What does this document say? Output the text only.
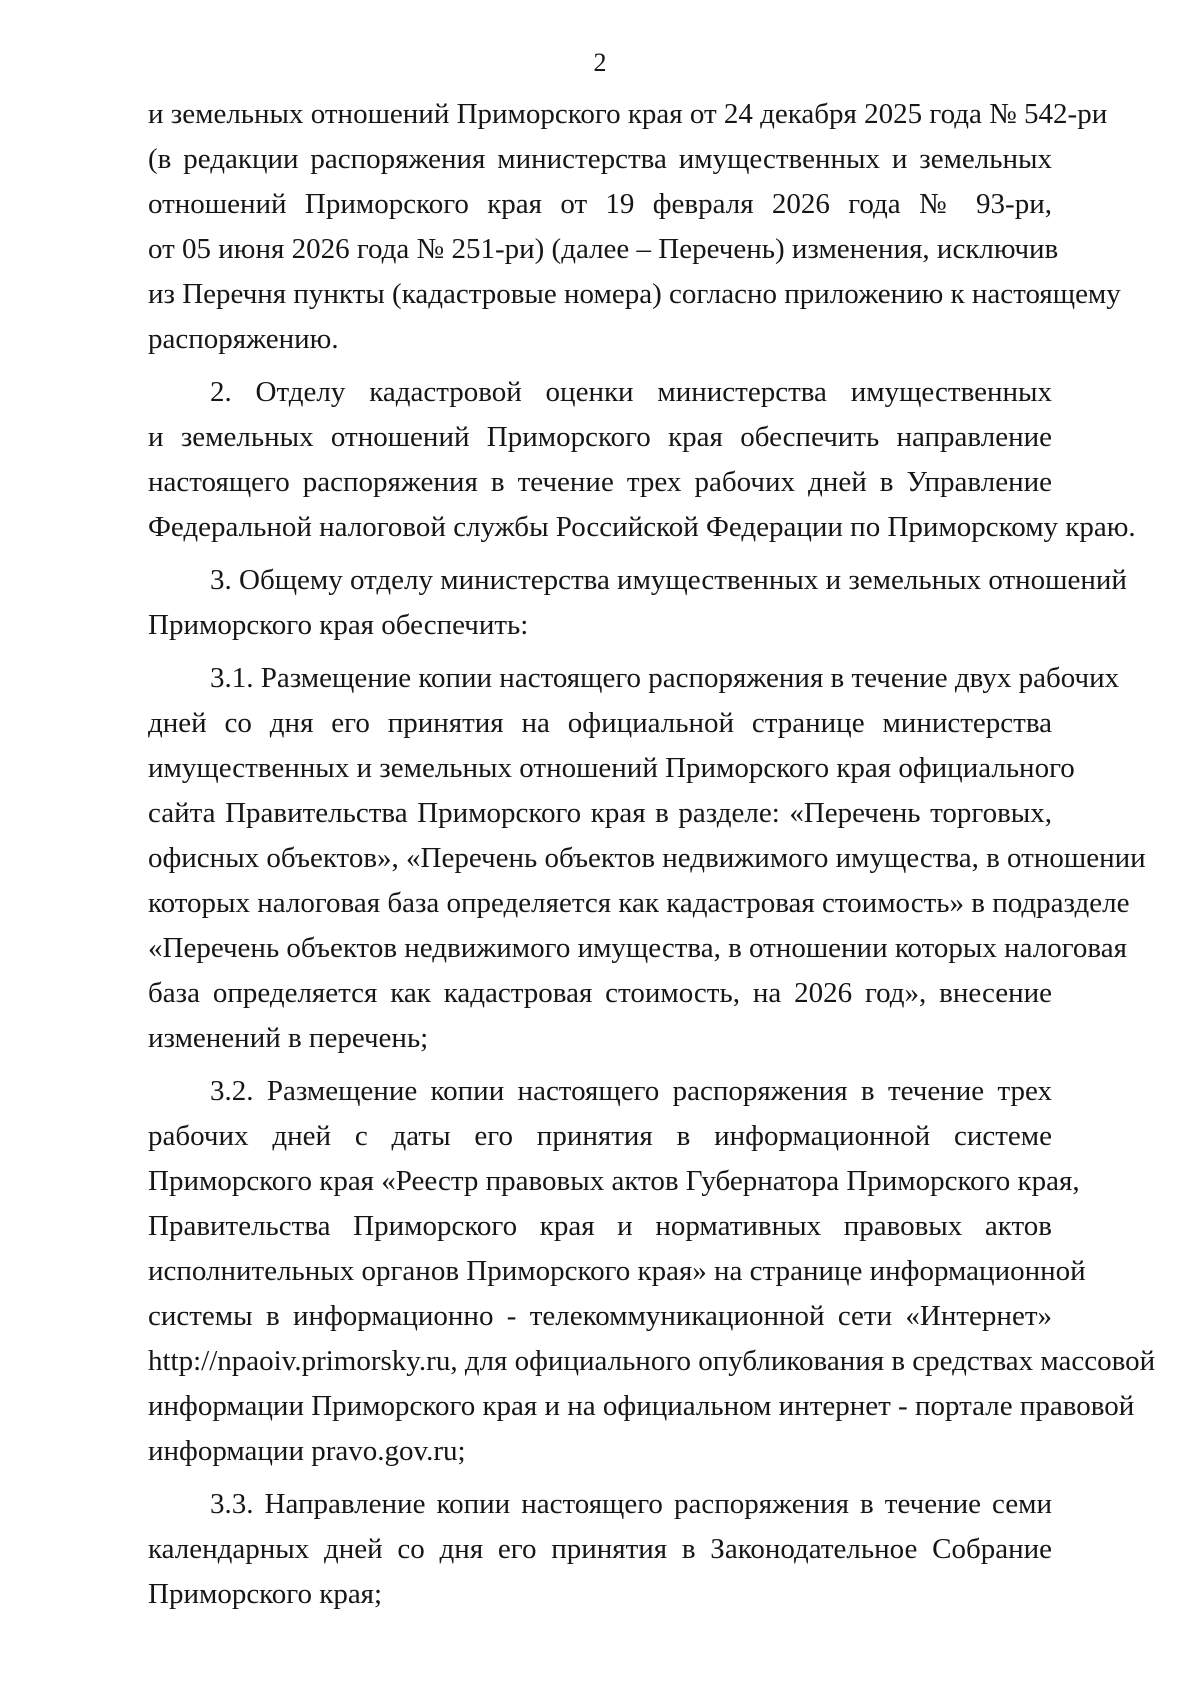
2
и земельных отношений Приморского края от 24 декабря 2025 года № 542-ри
(в редакции распоряжения министерства имущественных и земельных
отношений Приморского края от 19 февраля 2026 года № 93-ри,
от 05 июня 2026 года № 251-ри) (далее – Перечень) изменения, исключив
из Перечня пункты (кадастровые номера) согласно приложению к настоящему
распоряжению.
2. Отделу кадастровой оценки министерства имущественных
и земельных отношений Приморского края обеспечить направление
настоящего распоряжения в течение трех рабочих дней в Управление
Федеральной налоговой службы Российской Федерации по Приморскому краю.
3. Общему отделу министерства имущественных и земельных отношений
Приморского края обеспечить:
3.1. Размещение копии настоящего распоряжения в течение двух рабочих
дней со дня его принятия на официальной странице министерства
имущественных и земельных отношений Приморского края официального
сайта Правительства Приморского края в разделе: «Перечень торговых,
офисных объектов», «Перечень объектов недвижимого имущества, в отношении
которых налоговая база определяется как кадастровая стоимость» в подразделе
«Перечень объектов недвижимого имущества, в отношении которых налоговая
база определяется как кадастровая стоимость, на 2026 год», внесение
изменений в перечень;
3.2. Размещение копии настоящего распоряжения в течение трех
рабочих дней с даты его принятия в информационной системе
Приморского края «Реестр правовых актов Губернатора Приморского края,
Правительства Приморского края и нормативных правовых актов
исполнительных органов Приморского края» на странице информационной
системы в информационно - телекоммуникационной сети «Интернет»
http://npaoiv.primorsky.ru, для официального опубликования в средствах массовой
информации Приморского края и на официальном интернет - портале правовой
информации pravo.gov.ru;
3.3. Направление копии настоящего распоряжения в течение семи
календарных дней со дня его принятия в Законодательное Собрание
Приморского края;
